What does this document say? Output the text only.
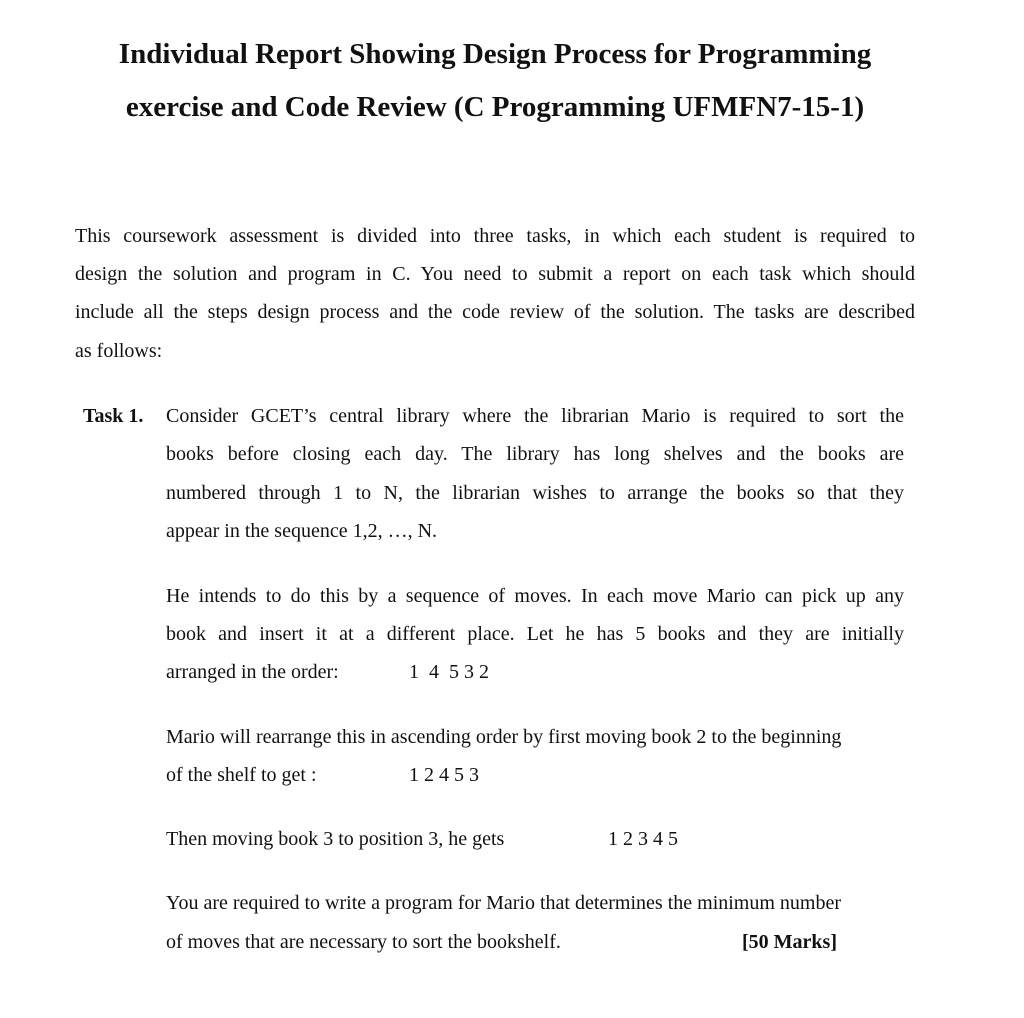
Individual Report Showing Design Process for Programming
exercise and Code Review (C Programming UFMFN7-15-1)
This coursework assessment is divided into three tasks, in which each student is required to
design the solution and program in C. You need to submit a report on each task which should
include all the steps design process and the code review of the solution. The tasks are described
as follows:
Task 1. Consider GCET’s central library where the librarian Mario is required to sort the
books before closing each day. The library has long shelves and the books are
numbered through 1 to N, the librarian wishes to arrange the books so that they
appear in the sequence 1,2, …, N.
He intends to do this by a sequence of moves. In each move Mario can pick up any
book and insert it at a different place. Let he has 5 books and they are initially
arranged in the order:	1  4  5 3 2
Mario will rearrange this in ascending order by first moving book 2 to the beginning
of the shelf to get :	1 2 4 5 3
Then moving book 3 to position 3, he gets	1 2 3 4 5
You are required to write a program for Mario that determines the minimum number
of moves that are necessary to sort the bookshelf.	[50 Marks]
